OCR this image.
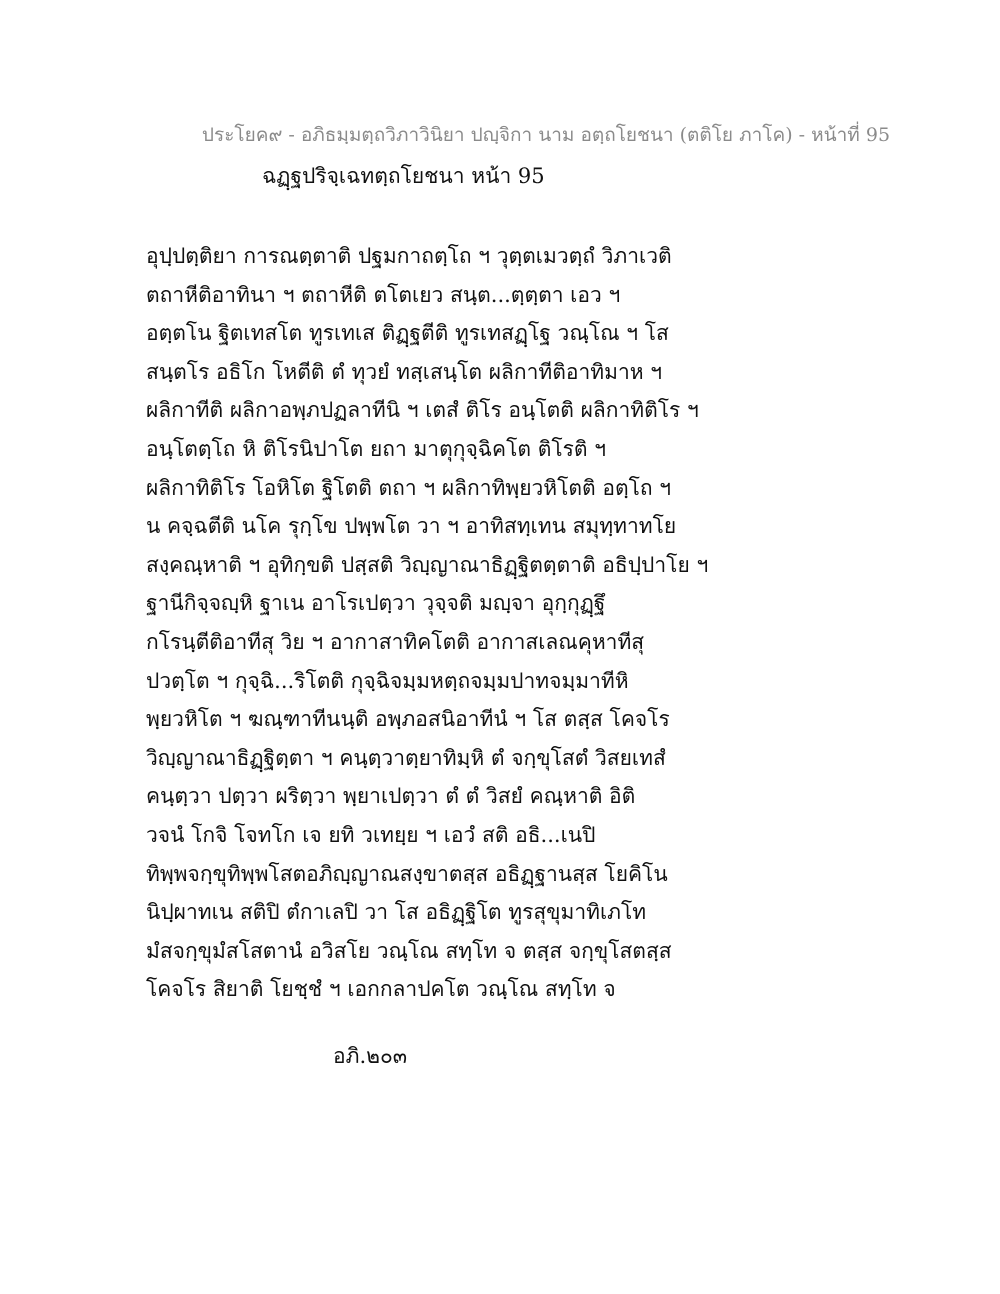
ประโยค๙ - อภิธมฺมตฺถวิภาวินิยา ปญฺจิกา นาม อตฺถโยชนา (ตติโย ภาโค) - หน้าที่ 95
ฉฏฺฐปริจฺเฉทตฺถโยชนา หน้า 95
อุปฺปตฺติยา การณตฺตาติ ปฐมกาถตฺโถ ฯ วุตฺตเมวตฺถํ วิภาเวติ
ตถาหีติอาทินา ฯ ตถาหีติ ตโตเยว สนฺต...ตฺตฺตา เอว ฯ
อตฺตโน ฐิตเทสโต ทูรเทเส ติฏฺฐตีติ ทูรเทสฏฺโฐ วณฺโณ ฯ โส
สนฺตโร อธิโก โหตีติ ตํ ทุวยํ ทสฺเสนฺโต ผลิกาทีติอาทิมาห ฯ
ผลิกาทีติ ผลิกาอพฺภปฏลาทีนิ ฯ เตสํ ติโร อนฺโตติ ผลิกาทิติโร ฯ
อนฺโตตฺโถ หิ ติโรนิปาโต ยถา มาตุกุจฺฉิคโต ติโรติ ฯ
ผลิกาทิติโร โอหิโต ฐิโตติ ตถา ฯ ผลิกาทิพฺยวหิโตติ อตฺโถ ฯ
น คจฺฉตีติ นโค รุกฺโข ปพฺพโต วา ฯ อาทิสทฺเทน สมุทฺทาทโย
สงฺคณฺหาติ ฯ อุทิกฺขติ ปสฺสติ วิญฺญาณาธิฏฺฐิตตฺตาติ อธิปฺปาโย ฯ
ฐานีกิจฺจญฺหิ ฐาเน อาโรเปตฺวา วุจฺจติ มญฺจา อุกฺกุฏฺฐึ
กโรนฺตีติอาทีสุ วิย ฯ อากาสาทิคโตติ อากาสเลณคุหาทีสุ
ปวตฺโต ฯ กุจฺฉิ...ริโตติ กุจฺฉิจมฺมหตฺถจมฺมปาทจมฺมาทีหิ
พฺยวหิโต ฯ ฆณฺฑาทีนนฺติ อพฺภอสนิอาทีนํ ฯ โส ตสฺส โคจโร
วิญฺญาณาธิฏฺฐิตฺตา ฯ คนฺตฺวาตฺยาทิมฺหิ ตํ จกฺขุโสตํ วิสยเทสํ
คนฺตฺวา ปตฺวา ผริตฺวา พฺยาเปตฺวา ตํ ตํ วิสยํ คณฺหาติ อิติ
วจนํ โกจิ โจทโก เจ ยทิ วเทยฺย ฯ เอวํ สติ อธิ...เนปิ
ทิพฺพจกฺขุทิพฺพโสตอภิญฺญาณสงฺขาตสฺส อธิฏฺฐานสฺส โยคิโน
นิปฺผาทเน สติปิ ตํกาเลปิ วา โส อธิฏฺฐิโต ทูรสุขุมาทิเภโท
มํสจกฺขุมํสโสตานํ อวิสโย วณฺโณ สทฺโท จ ตสฺส จกฺขุโสตสฺส
โคจโร สิยาติ โยชฺชํ ฯ เอกกลาปคโต วณฺโณ สทฺโท จ
อภิ.๒๐๓
